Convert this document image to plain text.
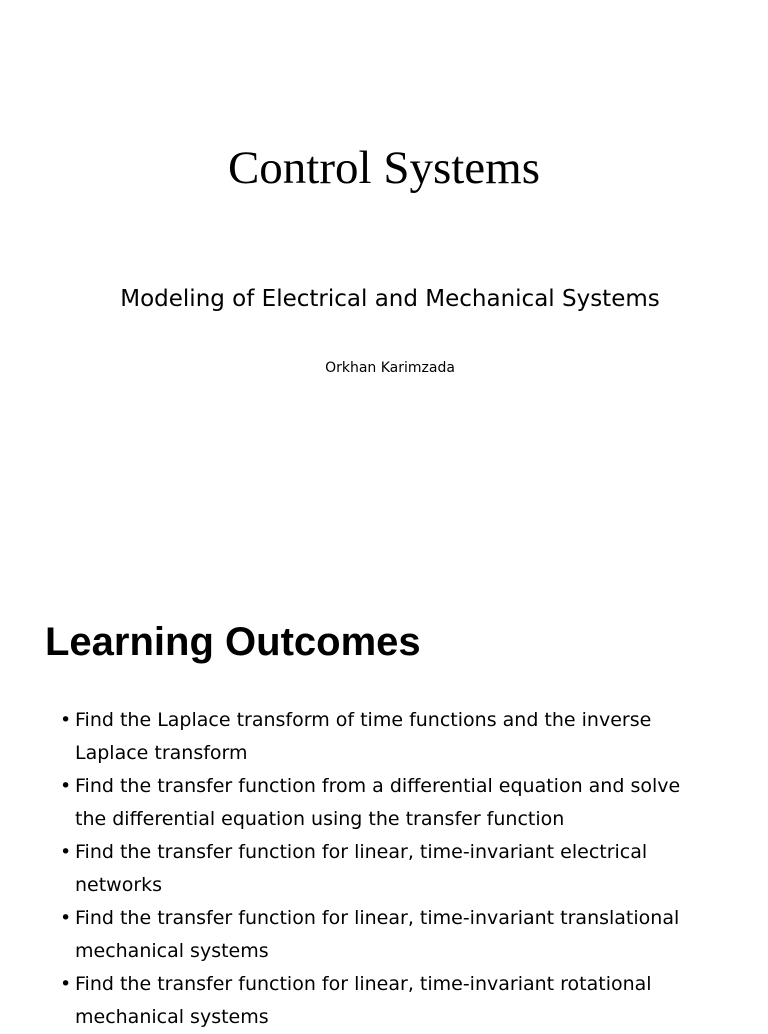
Control Systems
Modeling of Electrical and Mechanical Systems
Orkhan Karimzada
Learning Outcomes
• Find the Laplace transform of time functions and the inverse Laplace transform
• Find the transfer function from a differential equation and solve the differential equation using the transfer function
• Find the transfer function for linear, time-invariant electrical networks
• Find the transfer function for linear, time-invariant translational mechanical systems
• Find the transfer function for linear, time-invariant rotational mechanical systems
